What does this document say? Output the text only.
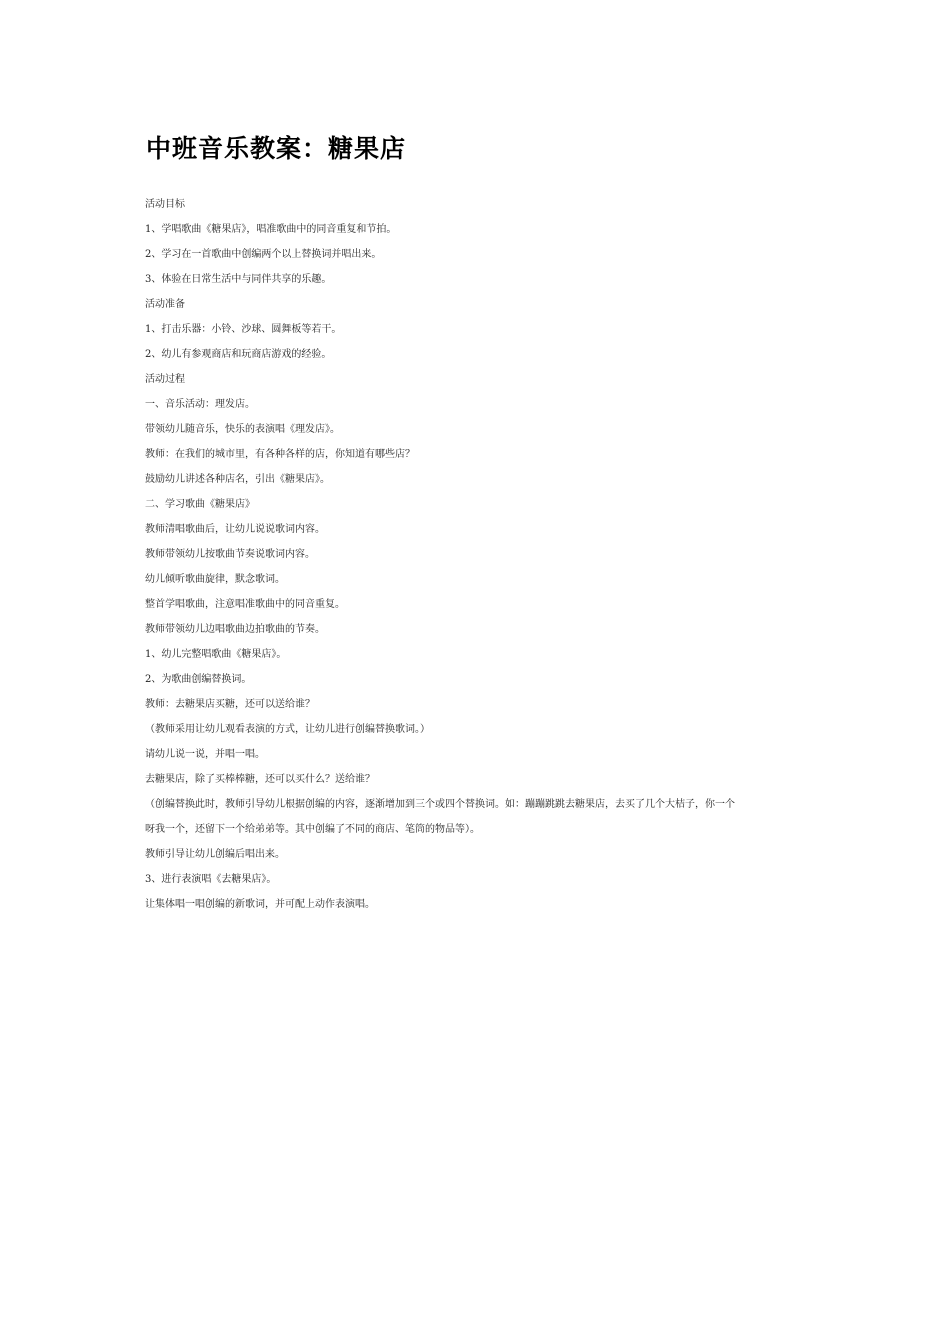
中班音乐教案：糖果店
活动目标
1、学唱歌曲《糖果店》，唱准歌曲中的同音重复和节拍。
2、学习在一首歌曲中创编两个以上替换词并唱出来。
3、体验在日常生活中与同伴共享的乐趣。
活动准备
1、打击乐器：小铃、沙球、圆舞板等若干。
2、幼儿有参观商店和玩商店游戏的经验。
活动过程
一、音乐活动：理发店。
带领幼儿随音乐，快乐的表演唱《理发店》。
教师：在我们的城市里，有各种各样的店，你知道有哪些店？
鼓励幼儿讲述各种店名，引出《糖果店》。
二、学习歌曲《糖果店》
教师清唱歌曲后，让幼儿说说歌词内容。
教师带领幼儿按歌曲节奏说歌词内容。
幼儿倾听歌曲旋律，默念歌词。
整首学唱歌曲，注意唱准歌曲中的同音重复。
教师带领幼儿边唱歌曲边拍歌曲的节奏。
1、幼儿完整唱歌曲《糖果店》。
2、为歌曲创编替换词。
教师：去糖果店买糖，还可以送给谁？
（教师采用让幼儿观看表演的方式，让幼儿进行创编替换歌词。）
请幼儿说一说，并唱一唱。
去糖果店，除了买棒棒糖，还可以买什么？送给谁？
（创编替换此时，教师引导幼儿根据创编的内容，逐渐增加到三个或四个替换词。如：蹦蹦跳跳去糖果店，去买了几个大桔子，你一个
呀我一个，还留下一个给弟弟等。其中创编了不同的商店、笔筒的物品等）。
教师引导让幼儿创编后唱出来。
3、进行表演唱《去糖果店》。
让集体唱一唱创编的新歌词，并可配上动作表演唱。
